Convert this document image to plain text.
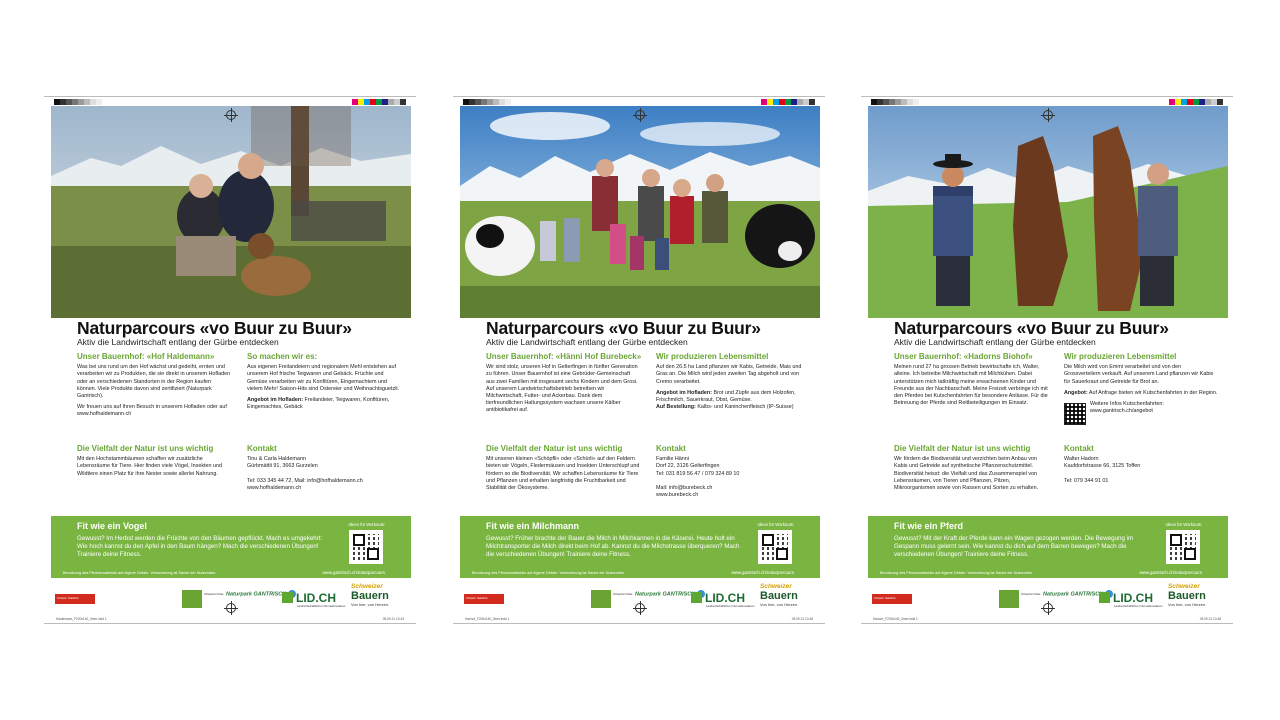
Naturparcours «vo Buur zu Buur»
Aktiv die Landwirtschaft entlang der Gürbe entdecken
Unser Bauernhof: «Hof Haldemann»

Was bei uns rund um den Hof wächst und gedeiht, ernten und verarbeiten wir zu Produkten, die sie direkt in unserem Hofladen oder an verschiedenen Standorten in der Region kaufen können. Viele Produkte davon sind zertifiziert (Naturpark Gantrisch).

Wir freuen uns auf Ihren Besuch in unserem Hofladen oder auf www.hofhaldemann.ch

So machen wir es:

Aus eigenen Freilandeiern und regionalem Mehl entstehen auf unserem Hof frische Teigwaren und Gebäck. Früchte und Gemüse verarbeiten wir zu Konfitüren, Eingemachtem und vielem Mehr! Saison-Hits sind Ostereier und Weihnachtsguetzli.

Angebot im Hofladen: Freilandeier, Teigwaren, Konfitüren, Eingemachtes, Gebäck

Die Vielfalt der Natur ist uns wichtig

Mit den Hochstammbäumen schaffen wir zusätzliche Lebensräume für Tiere. Hier finden viele Vögel, Insekten und Wildtiere einen Platz für ihre Nester sowie allerlei Nahrung.

Kontakt
Tinu & Carla Haldemann
Gürbmättli 91, 3663 Gurzelen
Tel: 033 345 44 72, Mail: info@hofhaldemann.ch
www.hofhaldemann.ch
Fit wie ein Vogel
Gewusst? Im Herbst werden die Früchte von den Bäumen gepflückt. Mach es umgekehrt: Wie hoch kannst du den Apfel in den Baum hängen? Mach die verschiedenen Übungen! Trainiere deine Fitness.
Ideen für Workouts:
Benutzung des Fitnessmaterials auf eigene Gefahr. Versicherung ist Sache der Nutzenden.	www.gantrisch.ch/naturparcours
Schweiz. Natürlich.
Schweizer Pärke Naturpark GANTRISCH LID.CH
Landwirtschaftlicher Informationsdienst
Schweizer
Bauern
Von hier, von Herzen.
Haldemann_F200x140_3mm.indd 1	05.09.21 10:43
Naturparcours «vo Buur zu Buur»
Aktiv die Landwirtschaft entlang der Gürbe entdecken
Unser Bauernhof: «Hänni Hof Burebeck»

Wir sind stolz, unseren Hof in Gelterfingen in fünfter Generation zu führen. Unser Bauernhof ist eine Gebrüder-Gemeinschaft aus zwei Familien mit insgesamt sechs Kindern und dem Grosi. Auf unserem Landwirtschaftsbetrieb betreiben wir Milchwirtschaft, Futter- und Ackerbau. Dank dem tierfreundlichen Haltungssystem wachsen unsere Kälber antibiotikafrei auf.

Wir produzieren Lebensmittel

Auf den 26.5 ha Land pflanzen wir Kabis, Getreide, Mais und Gras an. Die Milch wird jeden zweiten Tag abgeholt und von Cremo verarbeitet.

Angebot im Hofladen: Brot und Züpfe aus dem Holzofen, Frischmilch, Sauerkraut, Obst, Gemüse.
Auf Bestellung: Kalbs- und Kaninchenfleisch (IP-Suisse)

Die Vielfalt der Natur ist uns wichtig

Mit unseren kleinen «Schöpfli» oder «Schürli» auf den Feldern bieten wir Vögeln, Fledermäusen und Insekten Unterschlupf und fördern so die Biodiversität. Wir schaffen Lebensräume für Tiere und Pflanzen und erhalten langfristig die Fruchtbarkeit und Stabilität der Ökosysteme.

Kontakt
Familie Hänni
Dorf 22, 3126 Gelterfingen
Tel: 031 819 56 47 / 079 324 89 10
Mail: info@burebeck.ch
www.burebeck.ch
Fit wie ein Milchmann
Gewusst? Früher brachte der Bauer die Milch in Milchkannen in die Käserei. Heute holt ein Milchtransporter die Milch direkt beim Hof ab. Kannst du die Milchstrasse überqueren? Mach die verschiedenen Übungen! Trainiere deine Fitness.
Ideen für Workouts:
Benutzung des Fitnessmaterials auf eigene Gefahr. Versicherung ist Sache der Nutzenden.	www.gantrisch.ch/naturparcours
Schweiz. Natürlich.
Schweizer Pärke Naturpark GANTRISCH LID.CH
Landwirtschaftlicher Informationsdienst
Schweizer
Bauern
Von hier, von Herzen.
Haenni_F200x140_3mm.indd 1	05.09.21 10:46
Naturparcours «vo Buur zu Buur»
Aktiv die Landwirtschaft entlang der Gürbe entdecken
Unser Bauernhof: «Hadorns Biohof»

Meinen rund 27 ha grossen Betrieb bewirtschafte ich, Walter, alleine. Ich betreibe Milchwirtschaft mit Milchkühen. Dabei unterstützen mich tatkräftig meine erwachsenen Kinder und Freunde aus der Nachbarschaft. Meine Freizeit verbringe ich mit den Pferden bei Kutschenfahrten für besondere Anlässe. Für die Betreuung der Pferde sind Reitbeteiligungen im Einsatz.

Wir produzieren Lebensmittel

Die Milch wird von Emmi verarbeitet und von den Grossverteilern verkauft. Auf unserem Land pflanzen wir Kabis für Sauerkraut und Getreide für Brot an.

Angebot: Auf Anfrage bieten wir Kutschenfahrten in der Region.

Weitere Infos Kutschenfahrten: www.gantrisch.ch/angebot

Die Vielfalt der Natur ist uns wichtig

Wir fördern die Biodiversität und verzichten beim Anbau von Kabis und Getreide auf synthetische Pflanzenschutzmittel. Biodiversität heisst: die Vielfalt und das Zusammenspiel von Lebensräumen, von Tieren und Pflanzen, Pilzen, Mikroorganismen sowie von Rassen und Sorten zu erhalten.

Kontakt
Walter Hadorn
Kaufdorfstrasse 66, 3125 Toffen
Tel: 079 344 91 01
Fit wie ein Pferd
Gewusst? Mit der Kraft der Pferde kann ein Wagen gezogen werden. Die Bewegung im Gespann muss gelernt sein. Wie kannst du dich auf dem Barren bewegen? Mach die verschiedenen Übungen! Trainiere deine Fitness.
Ideen für Workouts:
Benutzung des Fitnessmaterials auf eigene Gefahr. Versicherung ist Sache der Nutzenden.	www.gantrisch.ch/naturparcours
Schweiz. Natürlich.
Schweizer Pärke Naturpark GANTRISCH LID.CH
Landwirtschaftlicher Informationsdienst
Schweizer
Bauern
Von hier, von Herzen.
Hadorn_F200x140_3mm.indd 1	05.09.21 10:48
